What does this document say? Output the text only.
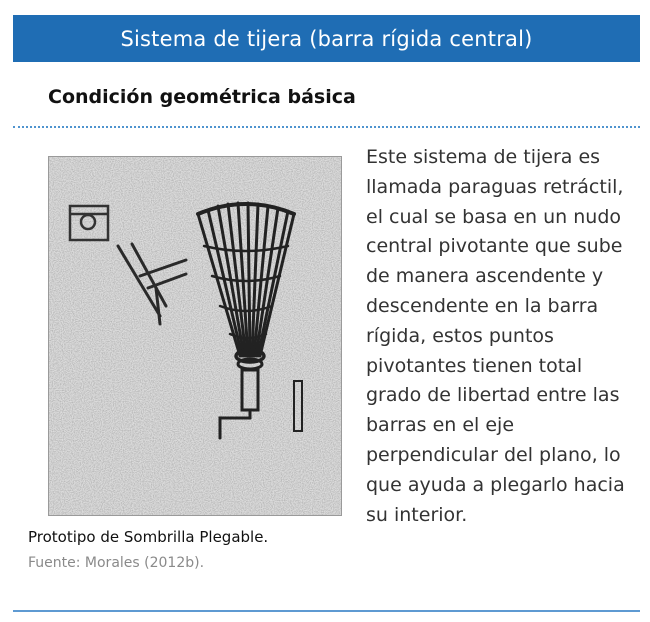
Sistema de tijera (barra rígida central)
Condición geométrica básica
Este sistema de tijera es llamada paraguas retráctil, el cual se basa en un nudo central pivotante que sube de manera ascendente y descendente en la barra rígida, estos puntos pivotantes tienen total grado de libertad entre las barras en el eje perpendicular del plano, lo que ayuda a plegarlo hacia su interior.
Prototipo de Sombrilla Plegable.
Fuente: Morales (2012b).
